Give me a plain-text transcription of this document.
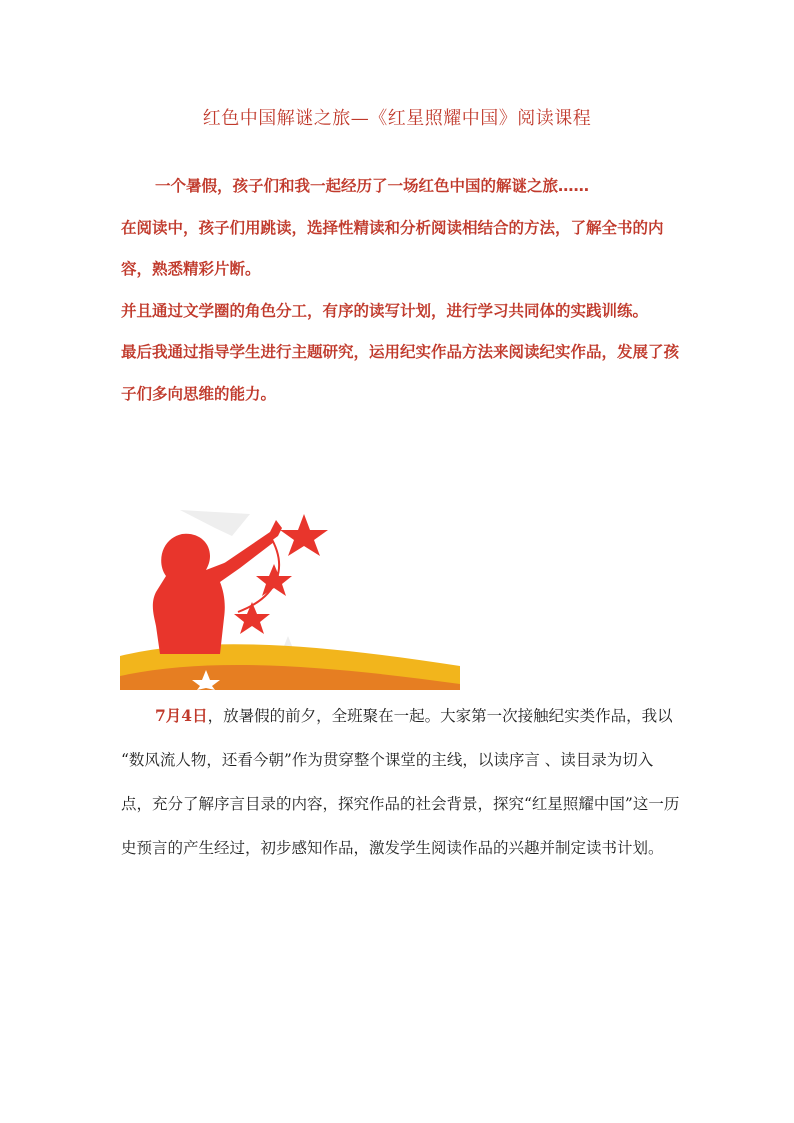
红色中国解谜之旅—《红星照耀中国》阅读课程

一个暑假，孩子们和我一起经历了一场红色中国的解谜之旅……

在阅读中，孩子们用跳读，选择性精读和分析阅读相结合的方法，了解全书的内容，熟悉精彩片断。

并且通过文学圈的角色分工，有序的读写计划，进行学习共同体的实践训练。

最后我通过指导学生进行主题研究，运用纪实作品方法来阅读纪实作品，发展了孩子们多向思维的能力。

7月4日，放暑假的前夕，全班聚在一起。大家第一次接触纪实类作品，我以 “数风流人物，还看今朝”作为贯穿整个课堂的主线，以读序言 、读目录为切入点，充分了解序言目录的内容，探究作品的社会背景，探究“红星照耀中国”这一历史预言的产生经过，初步感知作品，激发学生阅读作品的兴趣并制定读书计划。
